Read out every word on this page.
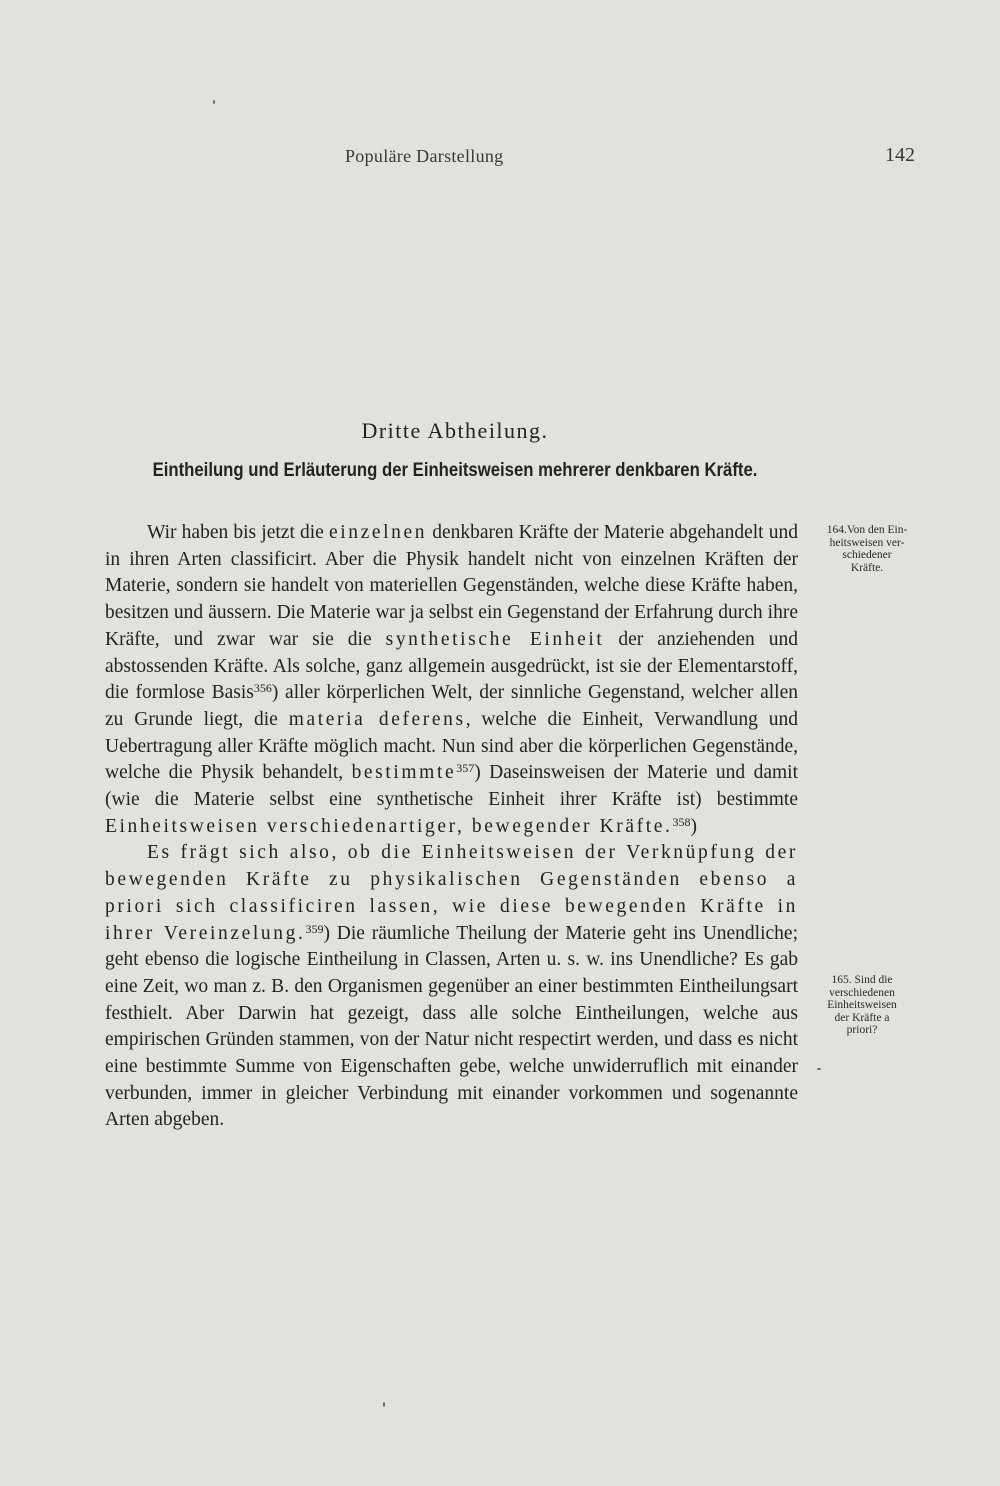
Populäre Darstellung	142
Dritte Abtheilung.
Eintheilung und Erläuterung der Einheitsweisen mehrerer denkbaren Kräfte.

Wir haben bis jetzt die einzelnen denkbaren Kräfte der Materie abgehandelt und in ihren Arten classificirt. Aber die Physik handelt nicht von einzelnen Kräften der Materie, sondern sie handelt von materiellen Gegenständen, welche diese Kräfte haben, besitzen und äussern. Die Materie war ja selbst ein Gegenstand der Erfahrung durch ihre Kräfte, und zwar war sie die synthetische Einheit der anziehenden und abstossenden Kräfte. Als solche, ganz allgemein ausgedrückt, ist sie der Elementarstoff, die formlose Basis$^{356}$) aller körperlichen Welt, der sinnliche Gegenstand, welcher allen zu Grunde liegt, die materia deferens, welche die Einheit, Verwandlung und Uebertragung aller Kräfte möglich macht. Nun sind aber die körperlichen Gegenstände, welche die Physik behandelt, bestimmte$^{357}$) Daseinsweisen der Materie und damit (wie die Materie selbst eine synthetische Einheit ihrer Kräfte ist) bestimmte Einheitsweisen verschiedenartiger, bewegender Kräfte.$^{358}$)

Es frägt sich also, ob die Einheitsweisen der Verknüpfung der bewegenden Kräfte zu physikalischen Gegenständen ebenso a priori sich classificiren lassen, wie diese bewegenden Kräfte in ihrer Vereinzelung.$^{359}$) Die räumliche Theilung der Materie geht ins Unendliche; geht ebenso die logische Eintheilung in Classen, Arten u. s. w. ins Unendliche? Es gab eine Zeit, wo man z. B. den Organismen gegenüber an einer bestimmten Eintheilungsart festhielt. Aber Darwin hat gezeigt, dass alle solche Eintheilungen, welche aus empirischen Gründen stammen, von der Natur nicht respectirt werden, und dass es nicht eine bestimmte Summe von Eigenschaften gebe, welche unwiderruflich mit einander verbunden, immer in gleicher Verbindung mit einander vorkommen und sogenannte Arten abgeben.

164.Von den Ein-
heitsweisen ver-
schiedener
Kräfte.
165. Sind die
verschiedenen
Einheitsweisen
der Kräfte a
priori?
